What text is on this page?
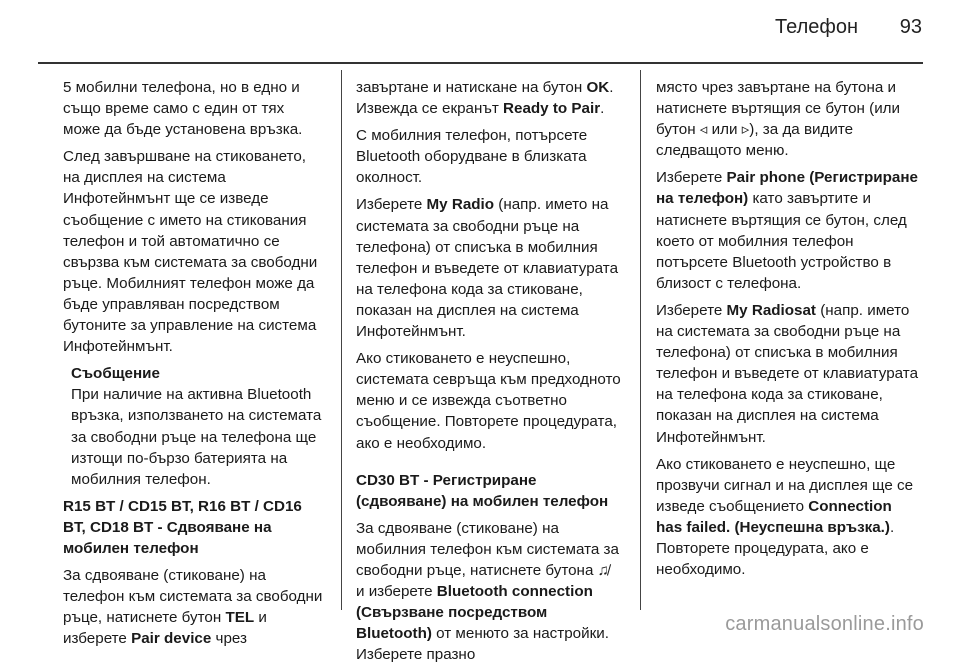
Телефон 93

5 мобилни телефона, но в едно и също време само с един от тях може да бъде установена връзка.

След завършване на стиковането, на дисплея на система Инфотейнмънт ще се изведе съобщение с името на стикования телефон и той автоматично се свързва към системата за свободни ръце. Мобилният телефон може да бъде управляван посредством бутоните за управление на система Инфотейнмънт.

Съобщение
При наличие на активна Bluetooth връзка, използването на системата за свободни ръце на телефона ще изтощи по-бързо батерията на мобилния телефон.

R15 BT / CD15 BT, R16 BT / CD16 BT, CD18 BT - Сдвояване на мобилен телефон

За сдвояване (стиковане) на телефон към системата за свободни ръце, натиснете бутон TEL и изберете Pair device чрез

завъртане и натискане на бутон OK. Извежда се екранът Ready to Pair.

С мобилния телефон, потърсете Bluetooth оборудване в близката околност.

Изберете My Radio (напр. името на системата за свободни ръце на телефона) от списъка в мобилния телефон и въведете от клавиатурата на телефона кода за стиковане, показан на дисплея на система Инфотейнмънт.

Ако стиковането е неуспешно, системата севръща към предходното меню и се извежда съответно съобщение. Повторете процедурата, ако е необходимо.

CD30 BT - Регистриране (сдвояване) на мобилен телефон

За сдвояване (стиковане) на мобилния телефон към системата за свободни ръце, натиснете бутона ♫̸ и изберете Bluetooth connection (Свързване посредством Bluetooth) от менюто за настройки. Изберете празно

място чрез завъртане на бутона и натиснете въртящия се бутон (или бутон ◃ или ▹), за да видите следващото меню.

Изберете Pair phone (Регистриране на телефон) като завъртите и натиснете въртящия се бутон, след което от мобилния телефон потърсете Bluetooth устройство в близост с телефона.

Изберете My Radiosat (напр. името на системата за свободни ръце на телефона) от списъка в мобилния телефон и въведете от клавиатурата на телефона кода за стиковане, показан на дисплея на система Инфотейнмънт.

Ако стиковането е неуспешно, ще прозвучи сигнал и на дисплея ще се изведе съобщението Connection has failed. (Неуспешна връзка.). Повторете процедурата, ако е необходимо.

carmanualsonline.info
